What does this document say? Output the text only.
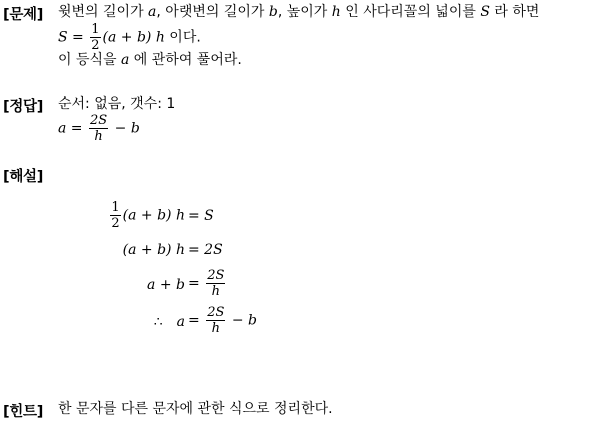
[문제] 윗변의 길이가 a, 아랫변의 길이가 b, 높이가 h 인 사다리꼴의 넓이를 S 라 하면
$S = \frac{1}{2} (a + b)$ h 이다.
이 등식을 a 에 관하여 풀어라.
[정답] 순서: 없음, 갯수: 1
$a = \frac{2S}{h} - b$
[해설]
$\frac{1}{2} (a + b) h = S$
(a + b) h = 2S
$a + b = \frac{2S}{h}$
∴ $a = \frac{2S}{h} - b$
[힌트] 한 문자를 다른 문자에 관한 식으로 정리한다.
